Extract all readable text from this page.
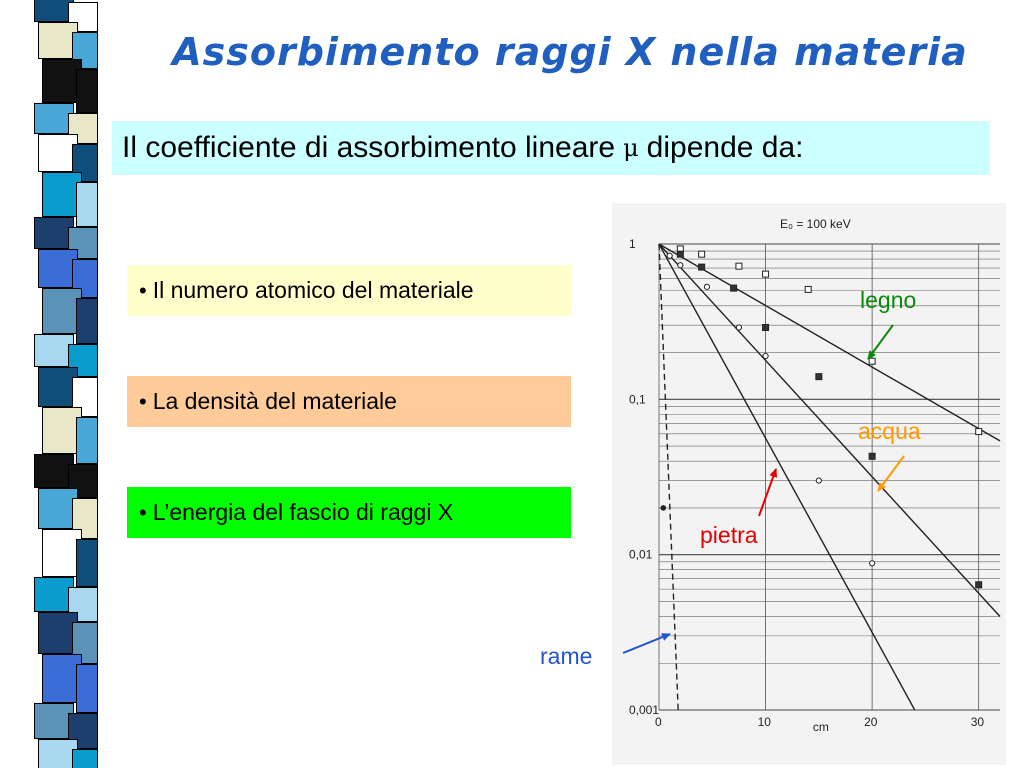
Assorbimento raggi X nella materia
Il coefficiente di assorbimento lineare μ dipende da:
• Il numero atomico del materiale
• La densità del materiale
• L’energia del fascio di raggi X
1
0,1
0,01
0,001
0	10	20	30
cm
E₀ = 100 keV

legno

acqua

pietra

rame
